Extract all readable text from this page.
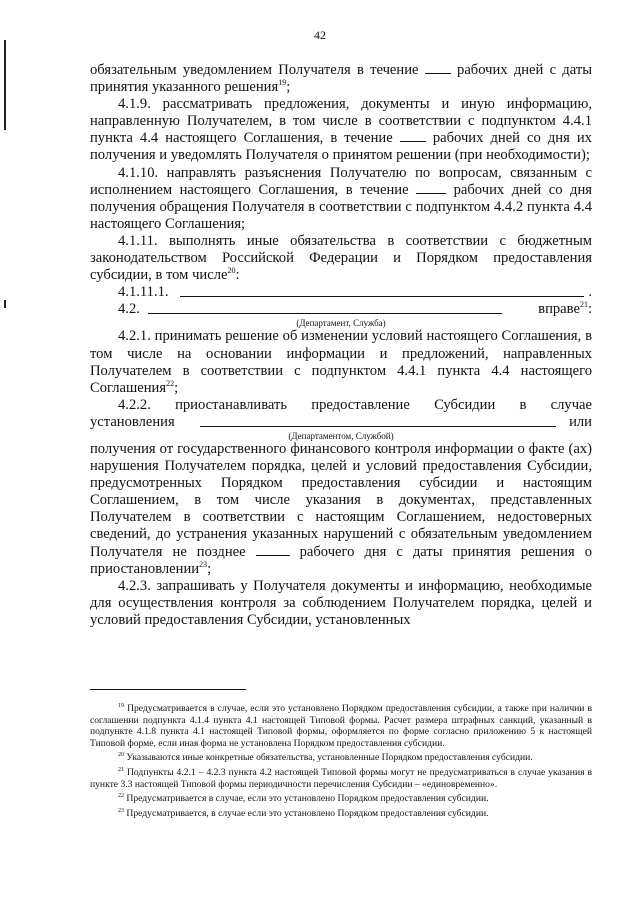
42

обязательным уведомлением Получателя в течение	рабочих дней с даты принятия указанного решения$^{19}$;

4.1.9. рассматривать предложения, документы и иную информацию, направленную Получателем, в том числе в соответствии с подпунктом 4.4.1 пункта 4.4 настоящего Соглашения, в течение	рабочих дней со дня их получения и уведомлять Получателя о принятом решении (при необходимости);

4.1.10. направлять разъяснения Получателю по вопросам, связанным с исполнением настоящего Соглашения, в течение	рабочих дней со дня получения обращения Получателя в соответствии с подпунктом 4.4.2 пункта 4.4 настоящего Соглашения;

4.1.11. выполнять иные обязательства в соответствии с бюджетным законодательством Российской Федерации и Порядком предоставления субсидии, в том числе$^{20}$:

4.1.11.1.	.
4.2.	вправе$^{21}$:
(Департамент, Служба)

4.2.1. принимать решение об изменении условий настоящего Соглашения, в том числе на основании информации и предложений, направленных Получателем в соответствии с подпунктом 4.4.1 пункта 4.4 настоящего Соглашения$^{22}$;

4.2.2. приостанавливать предоставление Субсидии в случае

установления	или
(Департаментом, Службой)

получения от государственного финансового контроля информации о факте (ах) нарушения Получателем порядка, целей и условий предоставления Субсидии, предусмотренных Порядком предоставления субсидии и настоящим Соглашением, в том числе указания в документах, представленных Получателем в соответствии с настоящим Соглашением, недостоверных сведений, до устранения указанных нарушений с обязательным уведомлением Получателя не позднее	рабочего дня с даты принятия решения о приостановлении$^{23}$;

4.2.3. запрашивать у Получателя документы и информацию, необходимые для осуществления контроля за соблюдением Получателем порядка, целей и условий предоставления Субсидии, установленных

$^{19}$ Предусматривается в случае, если это установлено Порядком предоставления субсидии, а также при наличии в соглашении подпункта 4.1.4 пункта 4.1 настоящей Типовой формы. Расчет размера штрафных санкций, указанный в подпункте 4.1.8 пункта 4.1 настоящей Типовой формы, оформляется по форме согласно приложению 5 к настоящей Типовой форме, если иная форма не установлена Порядком предоставления субсидии.

$^{20}$ Указываются иные конкретные обязательства, установленные Порядком предоставления субсидии.

$^{21}$ Подпункты 4.2.1 – 4.2.3 пункта 4.2 настоящей Типовой формы могут не предусматриваться в случае указания в пункте 3.3 настоящей Типовой формы периодичности перечисления Субсидии – «единовременно».

$^{22}$ Предусматривается в случае, если это установлено Порядком предоставления субсидии.

$^{23}$ Предусматривается, в случае если это установлено Порядком предоставления субсидии.
